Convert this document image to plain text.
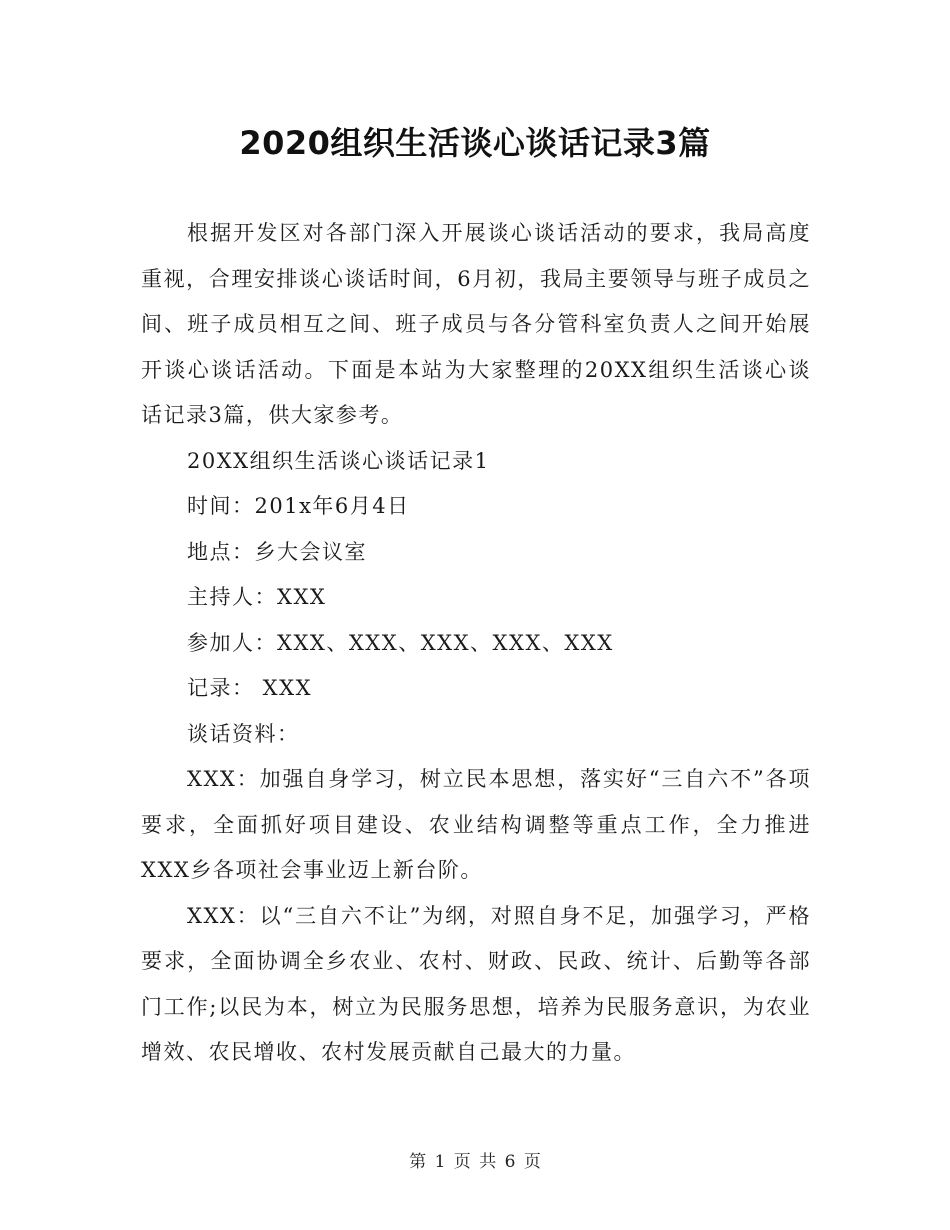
2020组织生活谈心谈话记录3篇

根据开发区对各部门深入开展谈心谈话活动的要求，我局高度重视，合理安排谈心谈话时间，6月初，我局主要领导与班子成员之间、班子成员相互之间、班子成员与各分管科室负责人之间开始展开谈心谈话活动。下面是本站为大家整理的20XX组织生活谈心谈话记录3篇，供大家参考。

20XX组织生活谈心谈话记录1

时间：201x年6月4日

地点：乡大会议室

主持人：XXX

参加人：XXX、XXX、XXX、XXX、XXX

记录： XXX

谈话资料：

XXX：加强自身学习，树立民本思想，落实好“三自六不”各项要求，全面抓好项目建设、农业结构调整等重点工作，全力推进XXX乡各项社会事业迈上新台阶。

XXX：以“三自六不让”为纲，对照自身不足，加强学习，严格要求，全面协调全乡农业、农村、财政、民政、统计、后勤等各部门工作;以民为本，树立为民服务思想，培养为民服务意识，为农业增效、农民增收、农村发展贡献自己最大的力量。

第 1 页 共 6 页
